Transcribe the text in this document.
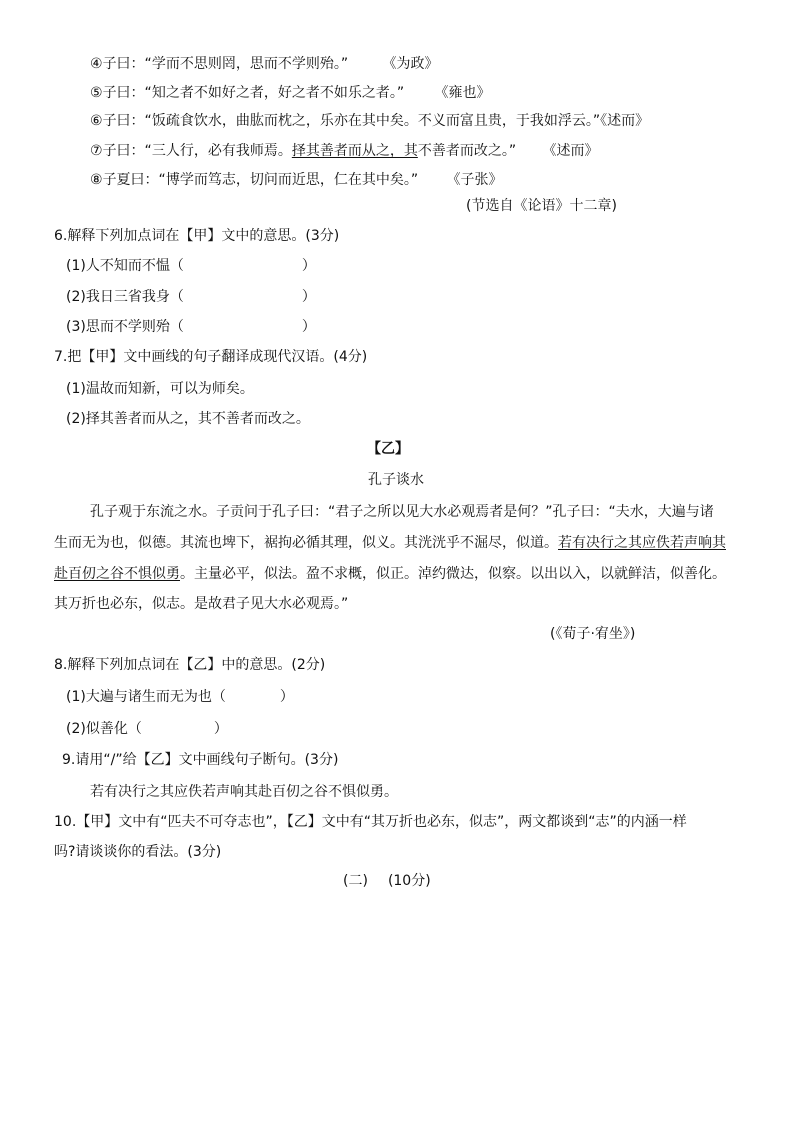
④子曰：“学而不思则罔，思而不学则殆。” 《为政》
⑤子曰：“知之者不如好之者，好之者不如乐之者。” 《雍也》
⑥子曰：“饭疏食饮水，曲肱而枕之，乐亦在其中矣。不义而富且贵，于我如浮云。”《述而》
⑦子曰：“三人行，必有我师焉。择其善者而从之，其不善者而改之。” 《述而》
⑧子夏曰：“博学而笃志，切问而近思，仁在其中矣。” 《子张》
(节选自《论语》十二章)
6.解释下列加点词在【甲】文中的意思。(3分)
(1)人不知而不愠（	）
(2)我日三省我身（	）
(3)思而不学则殆（	）
7.把【甲】文中画线的句子翻译成现代汉语。(4分)
(1)温故而知新，可以为师矣。
(2)择其善者而从之，其不善者而改之。
【乙】
孔子谈水
孔子观于东流之水。子贡问于孔子曰：“君子之所以见大水必观焉者是何？”孔子曰：“夫水，大遍与诸
生而无为也，似德。其流也埤下，裾拘必循其理，似义。其洸洸乎不淈尽，似道。若有决行之其应佚若声响其
赴百仞之谷不惧似勇。主量必平，似法。盈不求概，似正。淖约微达，似察。以出以入，以就鲜洁，似善化。
其万折也必东，似志。是故君子见大水必观焉。”
(《荀子·宥坐》)
8.解释下列加点词在【乙】中的意思。(2分)
(1)大遍与诸生而无为也（	）
(2)似善化（	）
9.请用“/”给【乙】文中画线句子断句。(3分)
若有决行之其应佚若声响其赴百仞之谷不惧似勇。
10.【甲】文中有“匹夫不可夺志也”，【乙】文中有“其万折也必东，似志”，两文都谈到“志”的内涵一样
吗?请谈谈你的看法。(3分)
(二) (10分)
